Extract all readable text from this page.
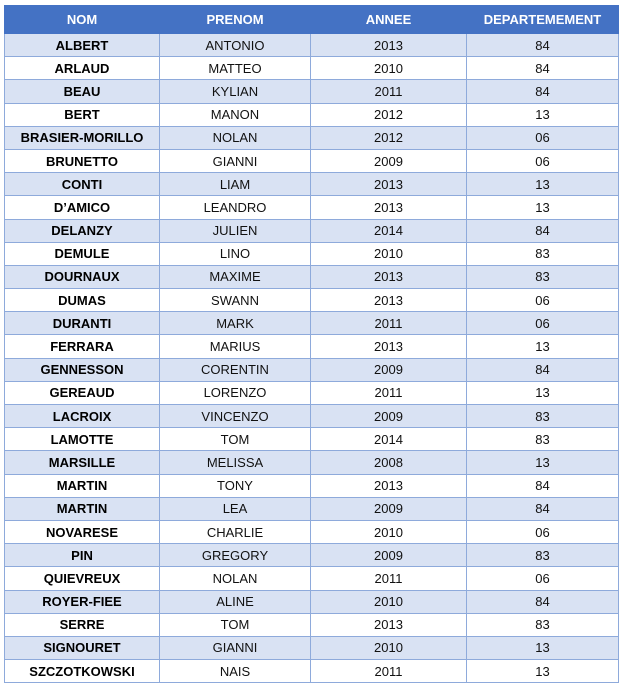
NOM	PRENOM	ANNEE	DEPARTEMEMENT
ALBERT	ANTONIO	2013	84
ARLAUD	MATTEO	2010	84
BEAU	KYLIAN	2011	84
BERT	MANON	2012	13
BRASIER-MORILLO	NOLAN	2012	06
BRUNETTO	GIANNI	2009	06
CONTI	LIAM	2013	13
D’AMICO	LEANDRO	2013	13
DELANZY	JULIEN	2014	84
DEMULE	LINO	2010	83
DOURNAUX	MAXIME	2013	83
DUMAS	SWANN	2013	06
DURANTI	MARK	2011	06
FERRARA	MARIUS	2013	13
GENNESSON	CORENTIN	2009	84
GEREAUD	LORENZO	2011	13
LACROIX	VINCENZO	2009	83
LAMOTTE	TOM	2014	83
MARSILLE	MELISSA	2008	13
MARTIN	TONY	2013	84
MARTIN	LEA	2009	84
NOVARESE	CHARLIE	2010	06
PIN	GREGORY	2009	83
QUIEVREUX	NOLAN	2011	06
ROYER-FIEE	ALINE	2010	84
SERRE	TOM	2013	83
SIGNOURET	GIANNI	2010	13
SZCZOTKOWSKI	NAIS	2011	13
